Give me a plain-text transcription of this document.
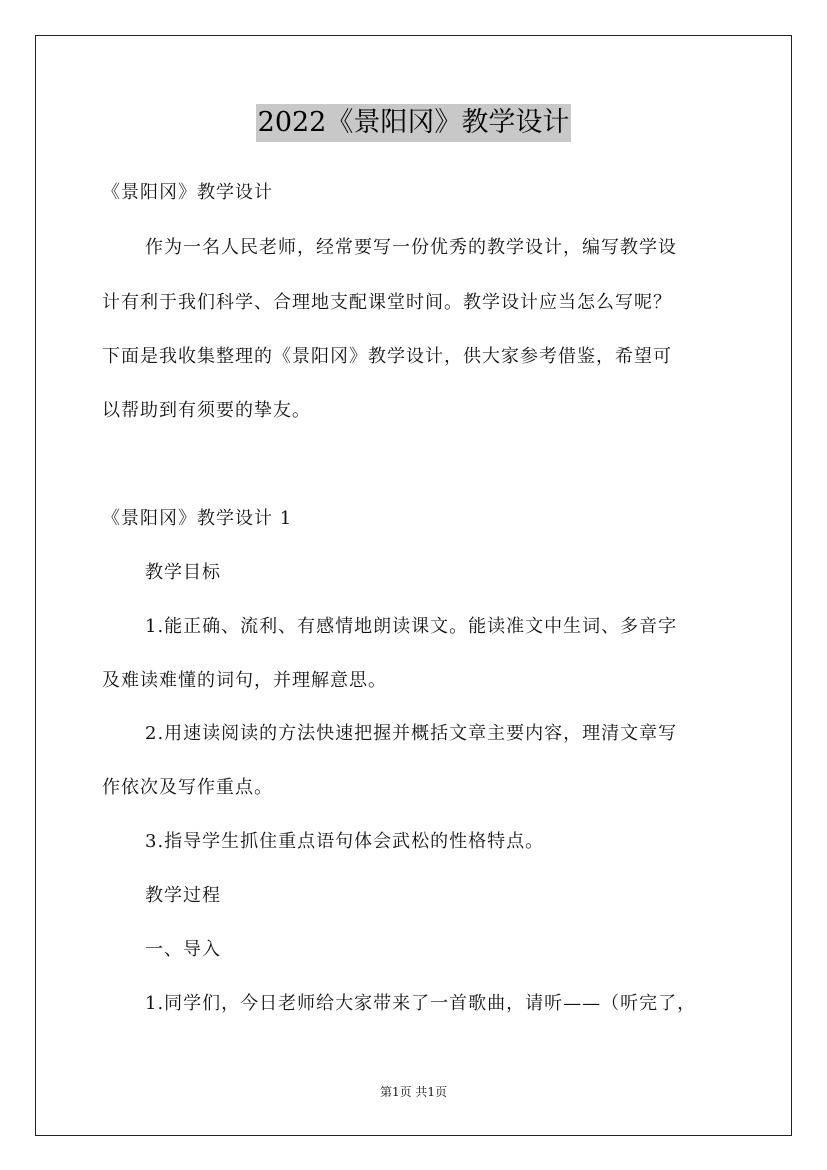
2022《景阳冈》教学设计
《景阳冈》教学设计
作为一名人民老师，经常要写一份优秀的教学设计，编写教学设
计有利于我们科学、合理地支配课堂时间。教学设计应当怎么写呢？
下面是我收集整理的《景阳冈》教学设计，供大家参考借鉴，希望可
以帮助到有须要的挚友。
《景阳冈》教学设计 1
教学目标
1.能正确、流利、有感情地朗读课文。能读准文中生词、多音字
及难读难懂的词句，并理解意思。
2.用速读阅读的方法快速把握并概括文章主要内容，理清文章写
作依次及写作重点。
3.指导学生抓住重点语句体会武松的性格特点。
教学过程
一、导入
1.同学们，今日老师给大家带来了一首歌曲，请听——（听完了，
第1页 共1页
